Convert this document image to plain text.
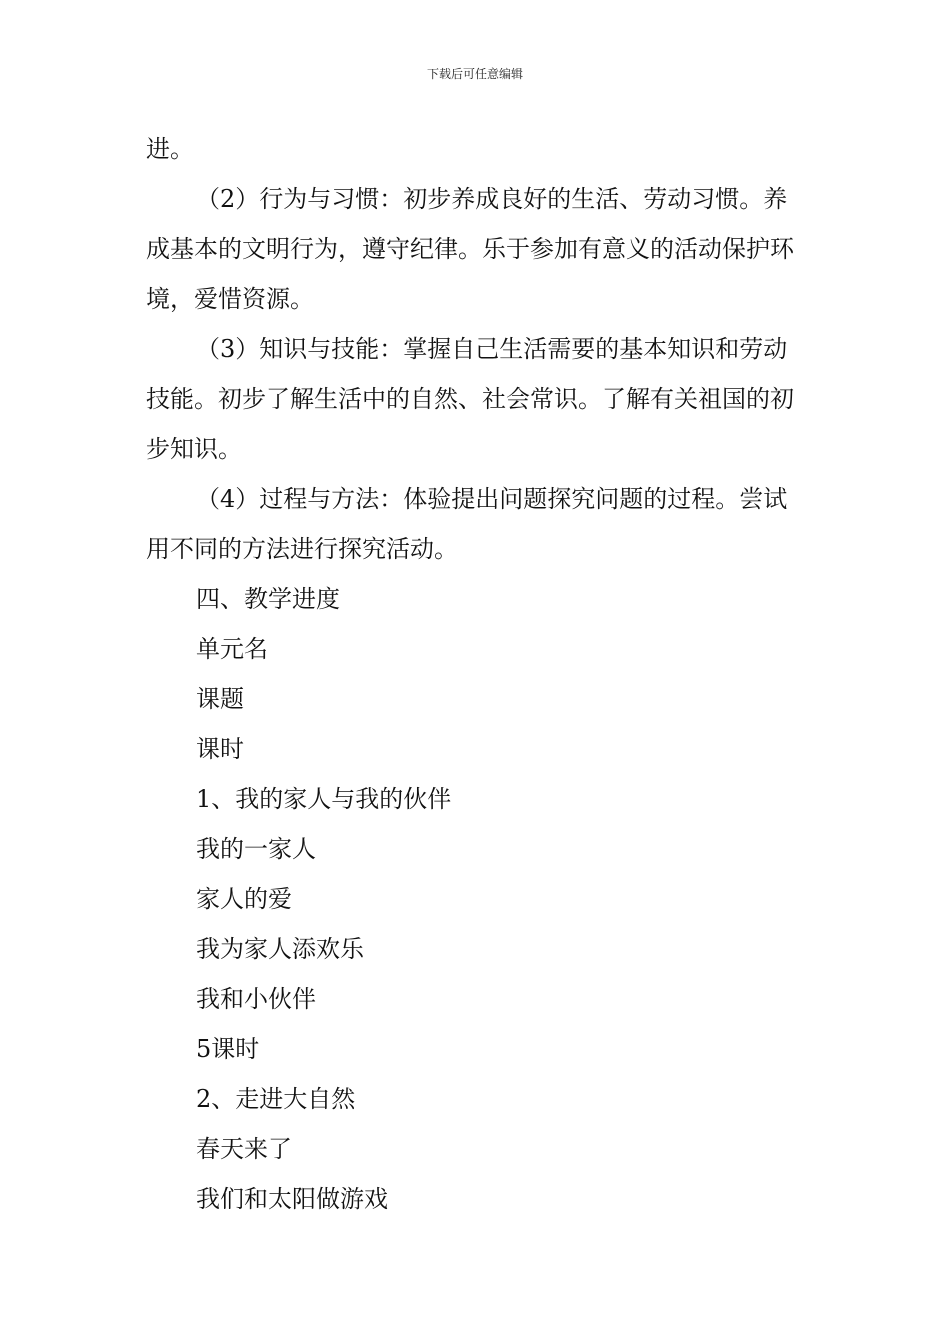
下载后可任意编辑

进。

（2）行为与习惯：初步养成良好的生活、劳动习惯。养成基本的文明行为，遵守纪律。乐于参加有意义的活动保护环境，爱惜资源。

（3）知识与技能：掌握自己生活需要的基本知识和劳动技能。初步了解生活中的自然、社会常识。了解有关祖国的初步知识。

（4）过程与方法：体验提出问题探究问题的过程。尝试用不同的方法进行探究活动。

四、教学进度

单元名

课题

课时

1、我的家人与我的伙伴

我的一家人

家人的爱

我为家人添欢乐

我和小伙伴

5课时

2、走进大自然

春天来了

我们和太阳做游戏
